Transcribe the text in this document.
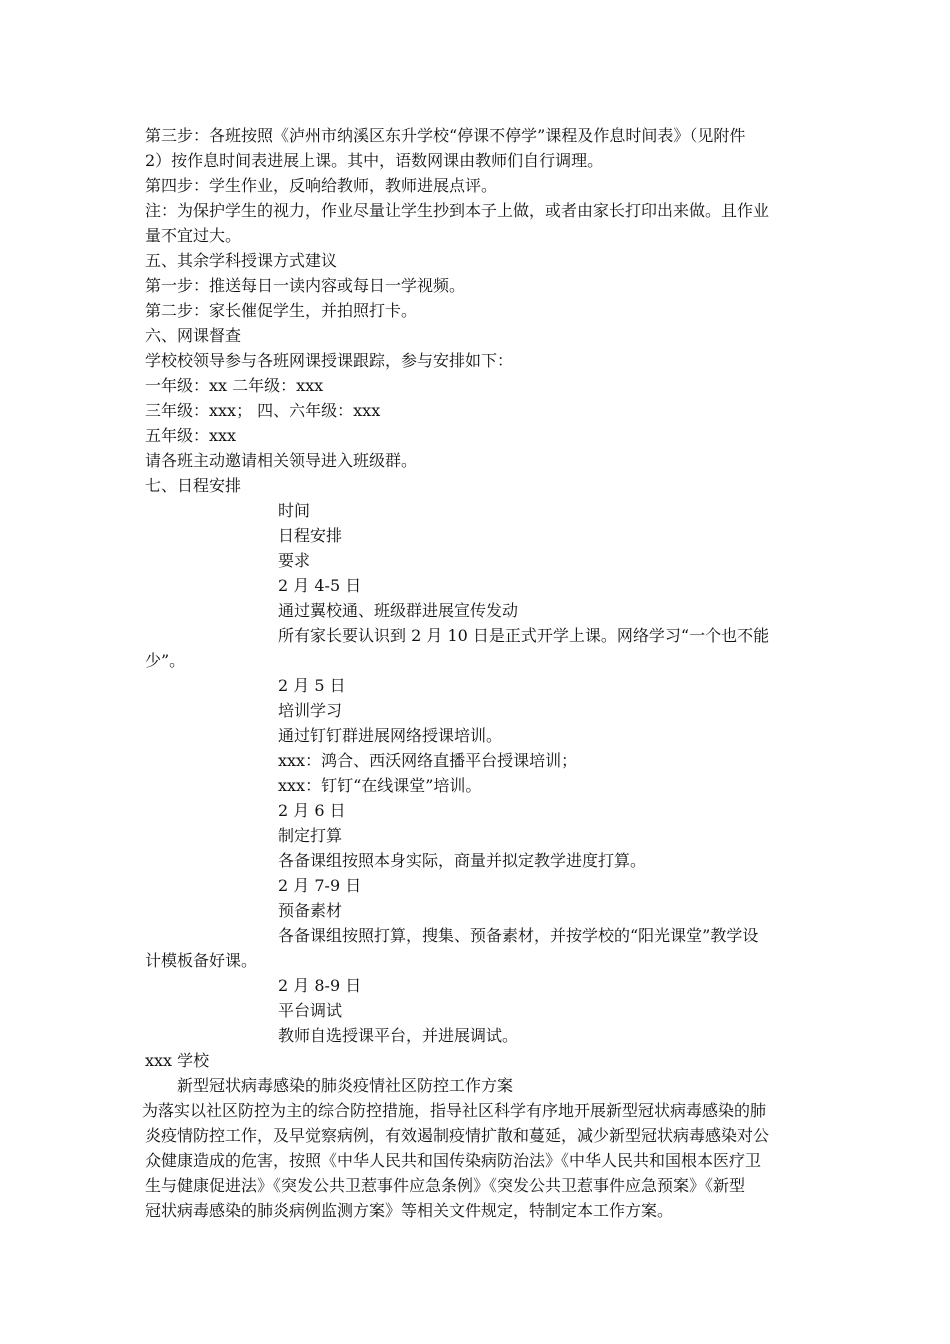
第三步：各班按照《泸州市纳溪区东升学校“停课不停学”课程及作息时间表》（见附件
2）按作息时间表进展上课。其中，语数网课由教师们自行调理。
第四步：学生作业，反响给教师，教师进展点评。
注：为保护学生的视力，作业尽量让学生抄到本子上做，或者由家长打印出来做。且作业
量不宜过大。
五、其余学科授课方式建议
第一步：推送每日一读内容或每日一学视频。
第二步：家长催促学生，并拍照打卡。
六、网课督查
学校校领导参与各班网课授课跟踪，参与安排如下：
一年级：xx 二年级：xxx
三年级：xxx； 四、六年级：xxx
五年级：xxx
请各班主动邀请相关领导进入班级群。
七、日程安排
时间
日程安排
要求
2 月 4-5 日
通过翼校通、班级群进展宣传发动
所有家长要认识到 2 月 10 日是正式开学上课。网络学习“一个也不能
少”。
2 月 5 日
培训学习
通过钉钉群进展网络授课培训。
xxx：鸿合、西沃网络直播平台授课培训；
xxx：钉钉“在线课堂”培训。
2 月 6 日
制定打算
各备课组按照本身实际，商量并拟定教学进度打算。
2 月 7-9 日
预备素材
各备课组按照打算，搜集、预备素材，并按学校的“阳光课堂”教学设
计模板备好课。
2 月 8-9 日
平台调试
教师自选授课平台，并进展调试。
xxx 学校
新型冠状病毒感染的肺炎疫情社区防控工作方案
为落实以社区防控为主的综合防控措施，指导社区科学有序地开展新型冠状病毒感染的肺
炎疫情防控工作，及早觉察病例，有效遏制疫情扩散和蔓延，减少新型冠状病毒感染对公
众健康造成的危害，按照《中华人民共和国传染病防治法》《中华人民共和国根本医疗卫
生与健康促进法》《突发公共卫惹事件应急条例》《突发公共卫惹事件应急预案》《新型
冠状病毒感染的肺炎病例监测方案》等相关文件规定，特制定本工作方案。
